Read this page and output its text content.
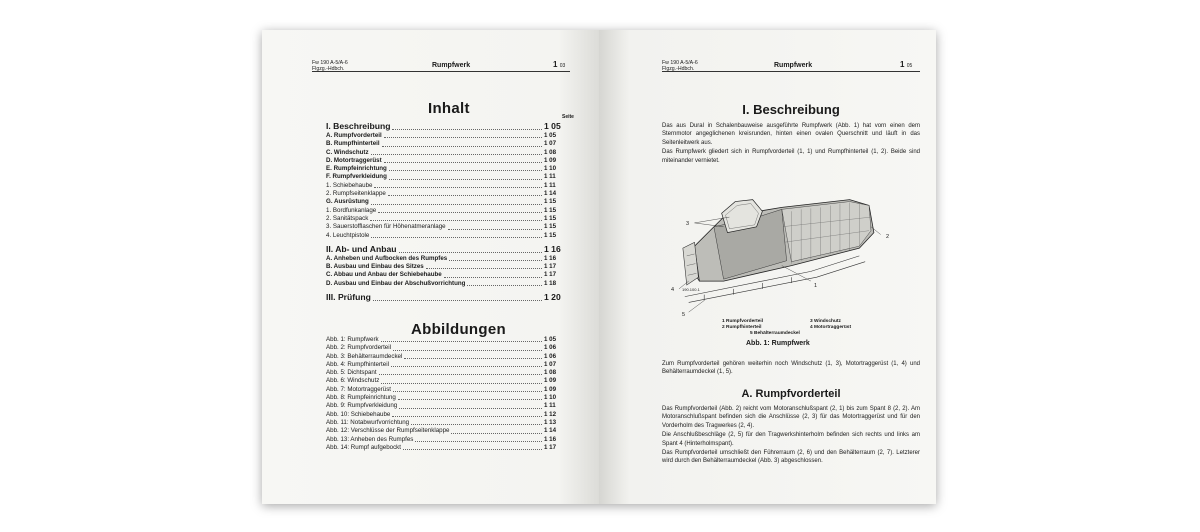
Fw 190 A-5/A-6
Flgzg.-Hdbch.	Rumpfwerk	1 03
Inhalt	Seite
I. Beschreibung	1 05
A. Rumpfvorderteil	1 05
B. Rumpfhinterteil	1 07
C. Windschutz	1 08
D. Motortraggerüst	1 09
E. Rumpfeinrichtung	1 10
F. Rumpfverkleidung	1 11
1. Schiebehaube	1 11
2. Rumpfseitenklappe	1 14
G. Ausrüstung	1 15
1. Bordfunkanlage	1 15
2. Sanitätspack	1 15
3. Sauerstofflaschen für Höhenatmeranlage	1 15
4. Leuchtpistole	1 15
II. Ab- und Anbau	1 16
A. Anheben und Aufbocken des Rumpfes	1 16
B. Ausbau und Einbau des Sitzes	1 17
C. Abbau und Anbau der Schiebehaube	1 17
D. Ausbau und Einbau der Abschußvorrichtung	1 18
III. Prüfung	1 20
Abbildungen
Abb. 1: Rumpfwerk	1 05
Abb. 2: Rumpfvorderteil	1 06
Abb. 3: Behälterraumdeckel	1 06
Abb. 4: Rumpfhinterteil	1 07
Abb. 5: Dichtspant	1 08
Abb. 6: Windschutz	1 09
Abb. 7: Motortraggerüst	1 09
Abb. 8: Rumpfeinrichtung	1 10
Abb. 9: Rumpfverkleidung	1 11
Abb. 10: Schiebehaube	1 12
Abb. 11: Notabwurfvorrichtung	1 13
Abb. 12: Verschlüsse der Rumpfseitenklappe	1 14
Abb. 13: Anheben des Rumpfes	1 16
Abb. 14: Rumpf aufgebockt	1 17
Fw 190 A-5/A-6
Flgzg.-Hdbch.	Rumpfwerk	1 05
I. Beschreibung

Das aus Dural in Schalenbauweise ausgeführte Rumpfwerk (Abb. 1) hat vorn einen dem Sternmotor angeglichenen kreisrunden, hinten einen ovalen Querschnitt und läuft in das Seitenleitwerk aus.

Das Rumpfwerk gliedert sich in Rumpfvorderteil (1, 1) und Rumpfhinterteil (1, 2). Beide sind miteinander vernietet.

3
2
1
4 190.100.1
5
1 Rumpfvorderteil
2 Rumpfhinterteil
3 Windschutz
4 Motortraggerüst
5 Behälterraumdeckel
Abb. 1: Rumpfwerk
Zum Rumpfvorderteil gehören weiterhin noch Windschutz (1, 3), Motortraggerüst (1, 4) und Behälterraumdeckel (1, 5).
A. Rumpfvorderteil

Das Rumpfvorderteil (Abb. 2) reicht vom Motoranschlußspant (2, 1) bis zum Spant 8 (2, 2). Am Motoranschlußspant befinden sich die Anschlüsse (2, 3) für das Motortraggerüst und für den Vorderholm des Tragwerkes (2, 4).

Die Anschlußbeschläge (2, 5) für den Tragwerkshinterholm befinden sich rechts und links am Spant 4 (Hinterholmspant).

Das Rumpfvorderteil umschließt den Führerraum (2, 6) und den Behälterraum (2, 7). Letzterer wird durch den Behälterraumdeckel (Abb. 3) abgeschlossen.
